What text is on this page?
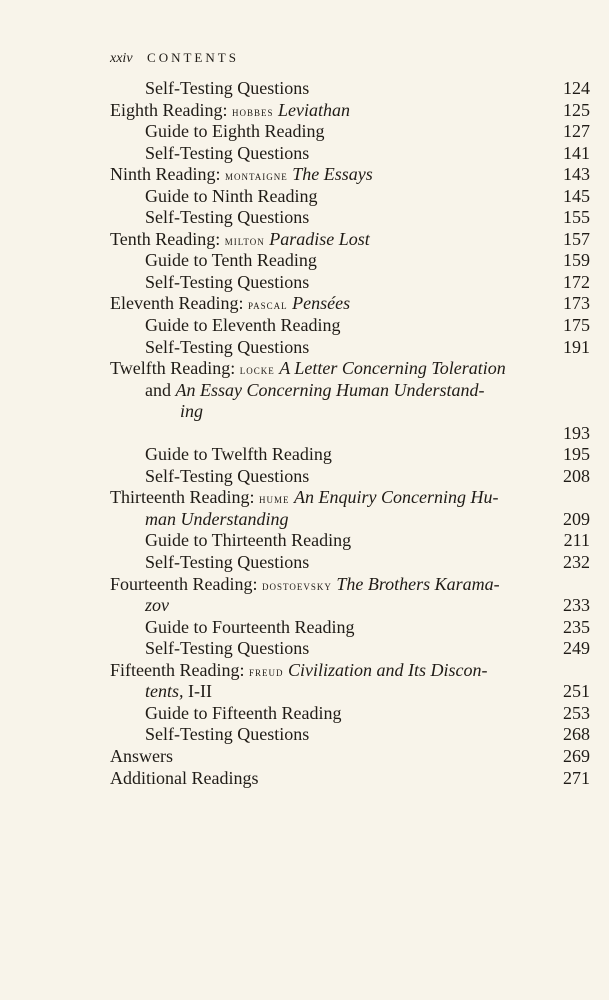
xxiv CONTENTS
Self-Testing Questions	124
Eighth Reading: hobbes Leviathan	125
Guide to Eighth Reading	127
Self-Testing Questions	141
Ninth Reading: montaigne The Essays	143
Guide to Ninth Reading	145
Self-Testing Questions	155
Tenth Reading: milton Paradise Lost	157
Guide to Tenth Reading	159
Self-Testing Questions	172
Eleventh Reading: pascal Pensées	173
Guide to Eleventh Reading	175
Self-Testing Questions	191
Twelfth Reading: locke A Letter Concerning Toleration
and An Essay Concerning Human Understand-
ing
193
Guide to Twelfth Reading	195
Self-Testing Questions	208
Thirteenth Reading: hume An Enquiry Concerning Hu-
man Understanding	209
Guide to Thirteenth Reading	211
Self-Testing Questions	232
Fourteenth Reading: dostoevsky The Brothers Karama-
zov	233
Guide to Fourteenth Reading	235
Self-Testing Questions	249
Fifteenth Reading: freud Civilization and Its Discon-
tents, I-II	251
Guide to Fifteenth Reading	253
Self-Testing Questions	268
Answers	269
Additional Readings	271
